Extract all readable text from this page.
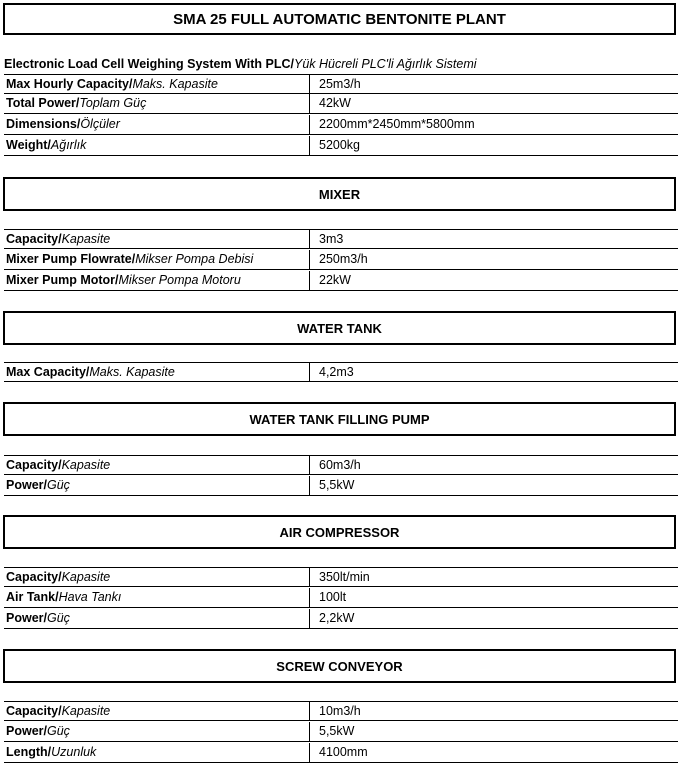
SMA 25 FULL AUTOMATIC BENTONITE PLANT
Electronic Load Cell Weighing System With PLC/Yük Hücreli PLC'li Ağırlık Sistemi
Max Hourly Capacity/Maks. Kapasite	25m3/h
Total Power/Toplam Güç	42kW
Dimensions/Ölçüler	2200mm*2450mm*5800mm
Weight/Ağırlık	5200kg
MIXER
Capacity/Kapasite	3m3
Mixer Pump Flowrate/Mikser Pompa Debisi	250m3/h
Mixer Pump Motor/Mikser Pompa Motoru	22kW
WATER TANK
Max Capacity/Maks. Kapasite	4,2m3
WATER TANK FILLING PUMP
Capacity/Kapasite	60m3/h
Power/Güç	5,5kW
AIR COMPRESSOR
Capacity/Kapasite	350lt/min
Air Tank/Hava Tankı	100lt
Power/Güç	2,2kW
SCREW CONVEYOR
Capacity/Kapasite	10m3/h
Power/Güç	5,5kW
Length/Uzunluk	4100mm
